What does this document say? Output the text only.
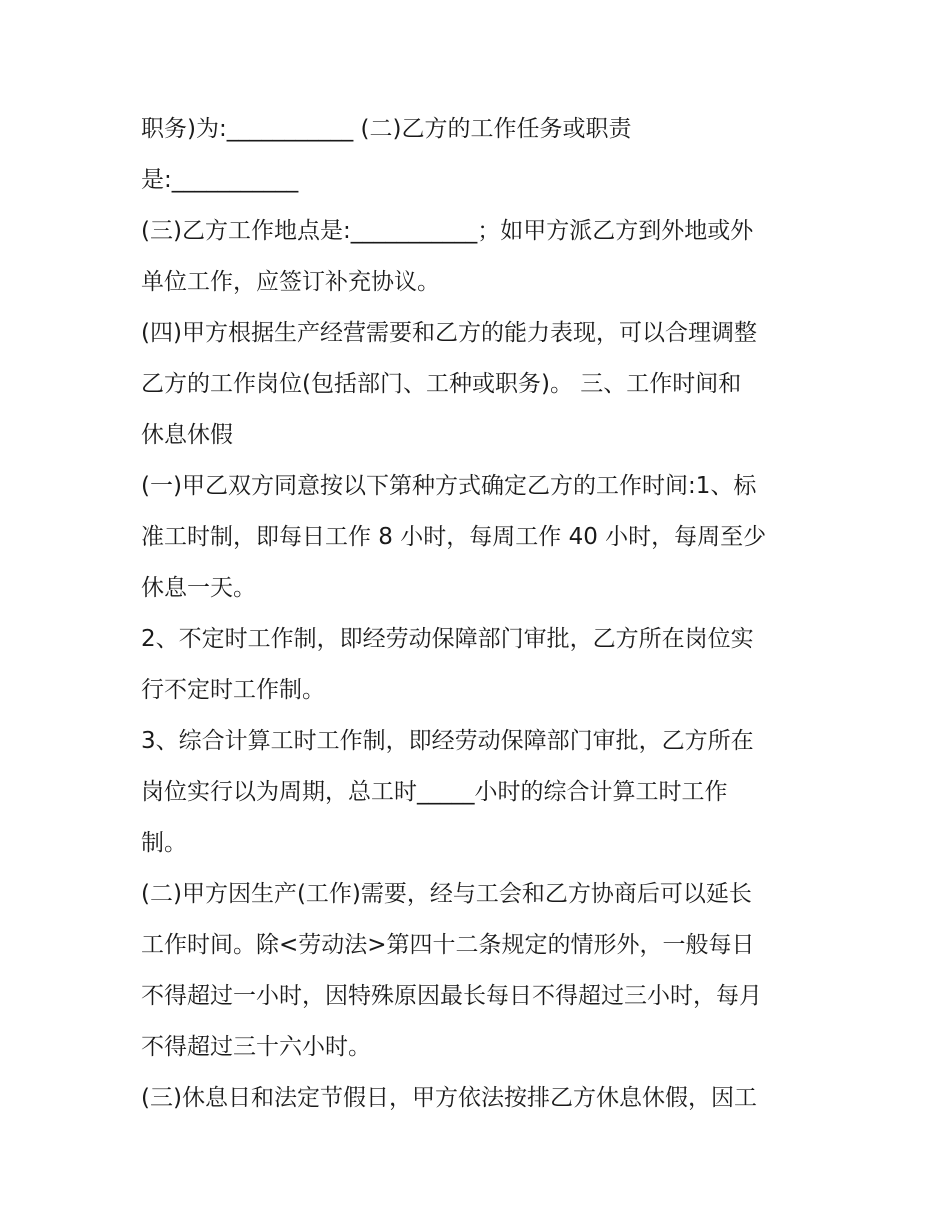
职务)为:___________ (二)乙方的工作任务或职责
是:___________
(三)乙方工作地点是:___________；如甲方派乙方到外地或外
单位工作，应签订补充协议。
(四)甲方根据生产经营需要和乙方的能力表现，可以合理调整
乙方的工作岗位(包括部门、工种或职务)。 三、工作时间和
休息休假
(一)甲乙双方同意按以下第种方式确定乙方的工作时间:1、标
准工时制，即每日工作 8 小时，每周工作 40 小时，每周至少
休息一天。
2、不定时工作制，即经劳动保障部门审批，乙方所在岗位实
行不定时工作制。
3、综合计算工时工作制，即经劳动保障部门审批，乙方所在
岗位实行以为周期，总工时_____小时的综合计算工时工作
制。
(二)甲方因生产(工作)需要，经与工会和乙方协商后可以延长
工作时间。除<劳动法>第四十二条规定的情形外，一般每日
不得超过一小时，因特殊原因最长每日不得超过三小时，每月
不得超过三十六小时。
(三)休息日和法定节假日，甲方依法按排乙方休息休假，因工
